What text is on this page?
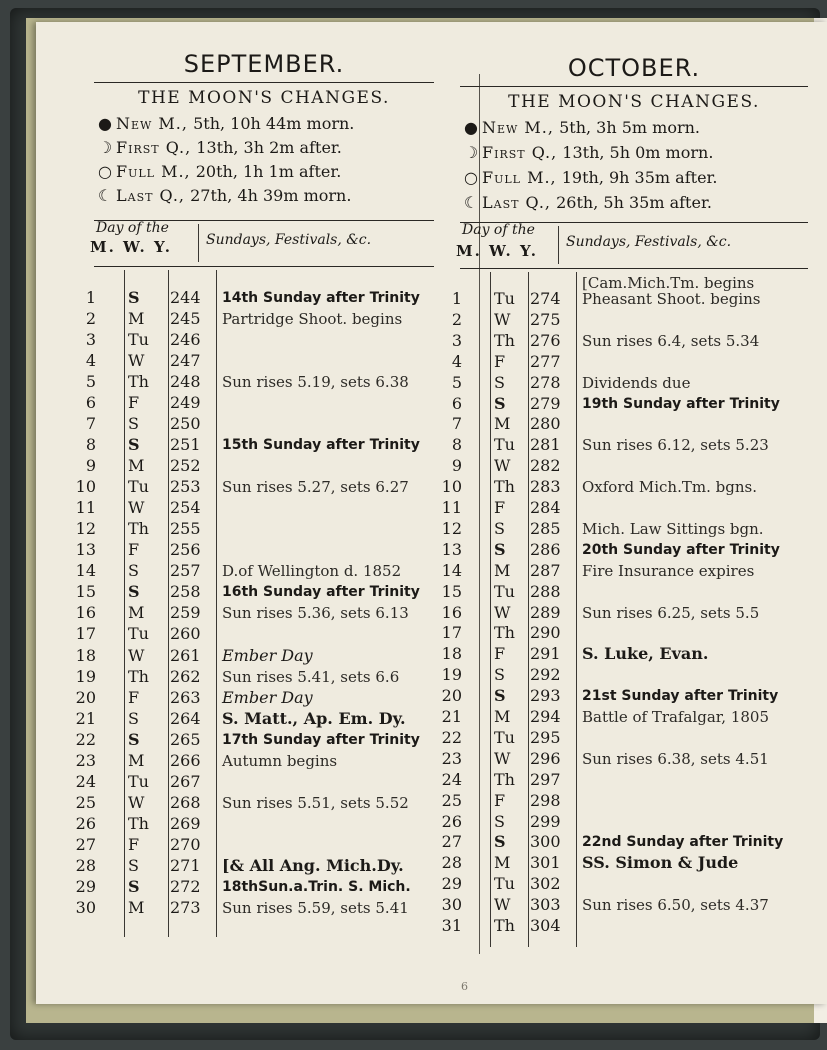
SEPTEMBER.
THE MOON'S CHANGES.
● New M., 5th, 10h 44m morn.
☽ First Q., 13th, 3h 2m after.
○ Full M., 20th, 1h 1m after.
☾ Last Q., 27th, 4h 39m morn.
Day of the
M. W. Y. Sundays, Festivals, &c.
1 S 244 14th Sunday after Trinity
2 M 245 Partridge Shoot. begins
3 Tu 246
4 W 247
5 Th 248 Sun rises 5.19, sets 6.38
6 F 249
7 S 250
8 S 251 15th Sunday after Trinity
9 M 252
10 Tu 253 Sun rises 5.27, sets 6.27
11 W 254
12 Th 255
13 F 256
14 S 257 D.of Wellington d. 1852
15 S 258 16th Sunday after Trinity
16 M 259 Sun rises 5.36, sets 6.13
17 Tu 260
18 W 261 Ember Day
19 Th 262 Sun rises 5.41, sets 6.6
20 F 263 Ember Day
21 S 264 S. Matt., Ap. Em. Dy.
22 S 265 17th Sunday after Trinity
23 M 266 Autumn begins
24 Tu 267
25 W 268 Sun rises 5.51, sets 5.52
26 Th 269
27 F 270
28 S 271 [& All Ang. Mich.Dy.
29 S 272 18thSun.a.Trin. S. Mich.
30 M 273 Sun rises 5.59, sets 5.41
OCTOBER.
THE MOON'S CHANGES.
● New M., 5th, 3h 5m morn.
☽ First Q., 13th, 5h 0m morn.
○ Full M., 19th, 9h 35m after.
☾ Last Q., 26th, 5h 35m after.
Day of the
M. W. Y. Sundays, Festivals, &c.
[Cam.Mich.Tm. begins
1 Tu 274 Pheasant Shoot. begins
2 W 275
3 Th 276 Sun rises 6.4, sets 5.34
4 F 277
5 S 278 Dividends due
6 S 279 19th Sunday after Trinity
7 M 280
8 Tu 281 Sun rises 6.12, sets 5.23
9 W 282
10 Th 283 Oxford Mich.Tm. bgns.
11 F 284
12 S 285 Mich. Law Sittings bgn.
13 S 286 20th Sunday after Trinity
14 M 287 Fire Insurance expires
15 Tu 288
16 W 289 Sun rises 6.25, sets 5.5
17 Th 290
18 F 291 S. Luke, Evan.
19 S 292
20 S 293 21st Sunday after Trinity
21 M 294 Battle of Trafalgar, 1805
22 Tu 295
23 W 296 Sun rises 6.38, sets 4.51
24 Th 297
25 F 298
26 S 299
27 S 300 22nd Sunday after Trinity
28 M 301 SS. Simon & Jude
29 Tu 302
30 W 303 Sun rises 6.50, sets 4.37
31 Th 304
6
